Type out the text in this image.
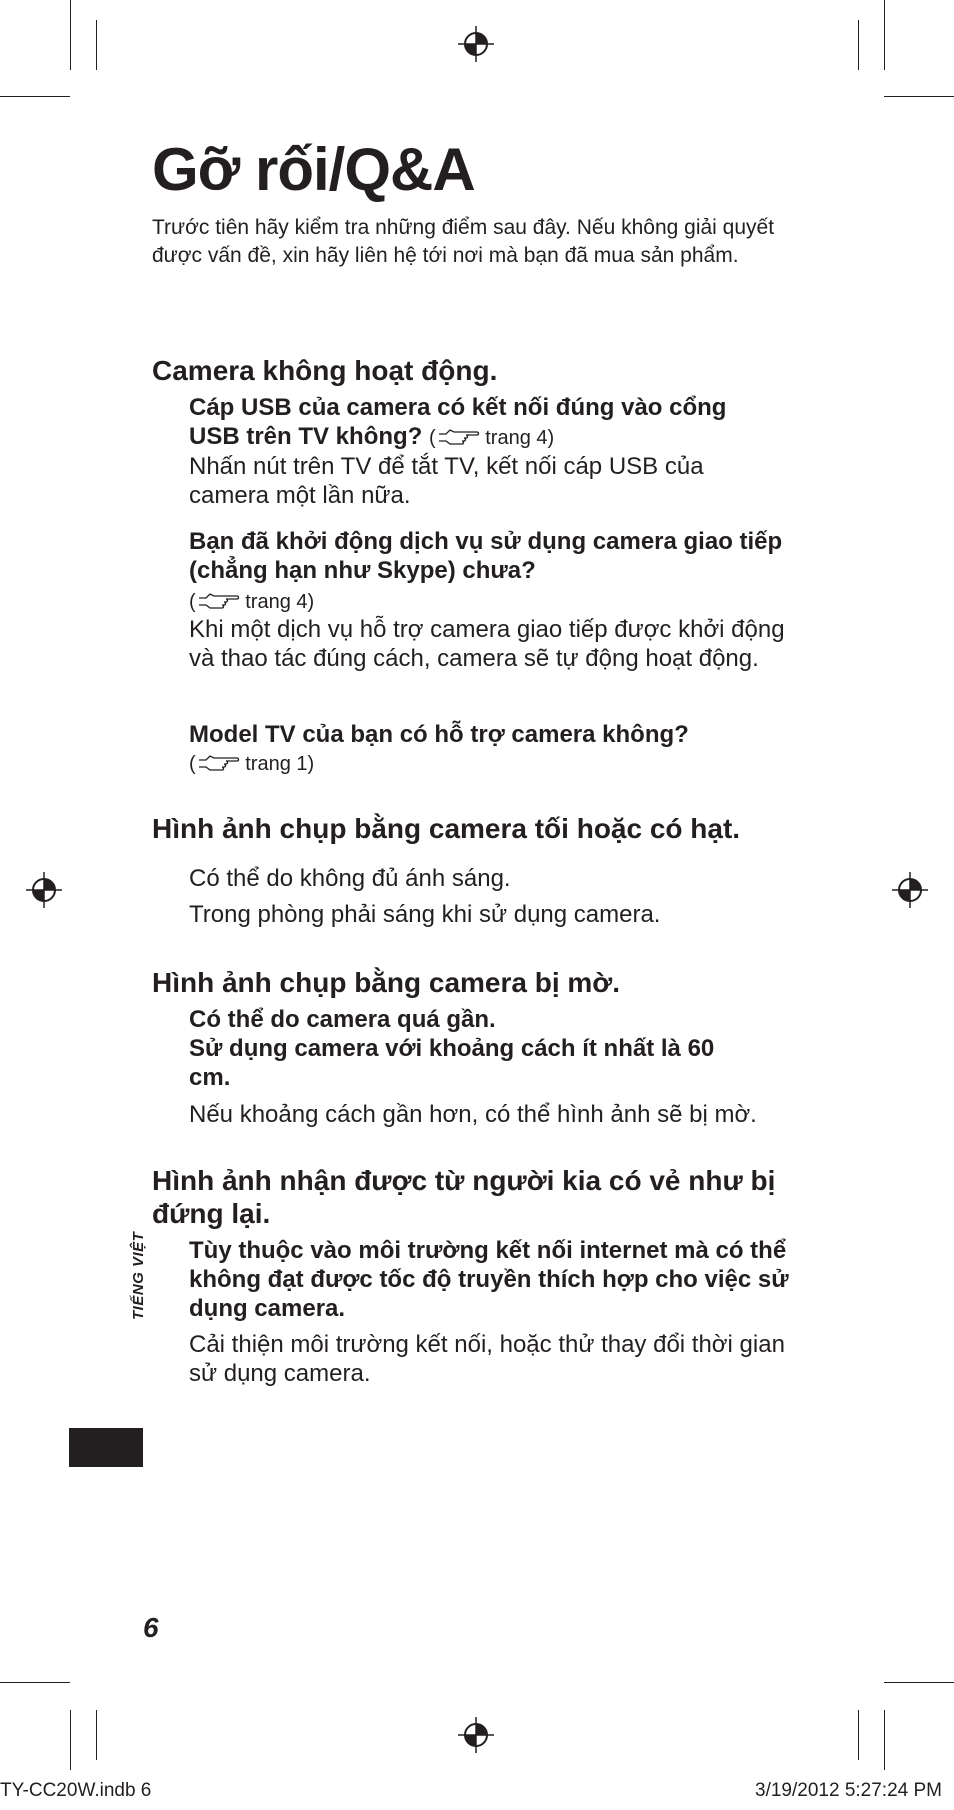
Gỡ rối/Q&A

Trước tiên hãy kiểm tra những điểm sau đây. Nếu không giải quyết được vấn đề, xin hãy liên hệ tới nơi mà bạn đã mua sản phẩm.

Camera không hoạt động.

Cáp USB của camera có kết nối đúng vào cổng
USB trên TV không? ( trang 4)

Nhấn nút trên TV để tắt TV, kết nối cáp USB của camera một lần nữa.

Bạn đã khởi động dịch vụ sử dụng camera giao tiếp (chẳng hạn như Skype) chưa?

( trang 4)

Khi một dịch vụ hỗ trợ camera giao tiếp được khởi động và thao tác đúng cách, camera sẽ tự động hoạt động.

Model TV của bạn có hỗ trợ camera không?

( trang 1)

Hình ảnh chụp bằng camera tối hoặc có hạt.

Có thể do không đủ ánh sáng.

Trong phòng phải sáng khi sử dụng camera.

Hình ảnh chụp bằng camera bị mờ.

Có thể do camera quá gần.

Sử dụng camera với khoảng cách ít nhất là 60 cm.

Nếu khoảng cách gần hơn, có thể hình ảnh sẽ bị mờ.

Hình ảnh nhận được từ người kia có vẻ như bị đứng lại.

Tùy thuộc vào môi trường kết nối internet mà có thể không đạt được tốc độ truyền thích hợp cho việc sử dụng camera.

Cải thiện môi trường kết nối, hoặc thử thay đổi thời gian sử dụng camera.

TIẾNG VIỆT
6
TY-CC20W.indb 6	3/19/2012 5:27:24 PM
